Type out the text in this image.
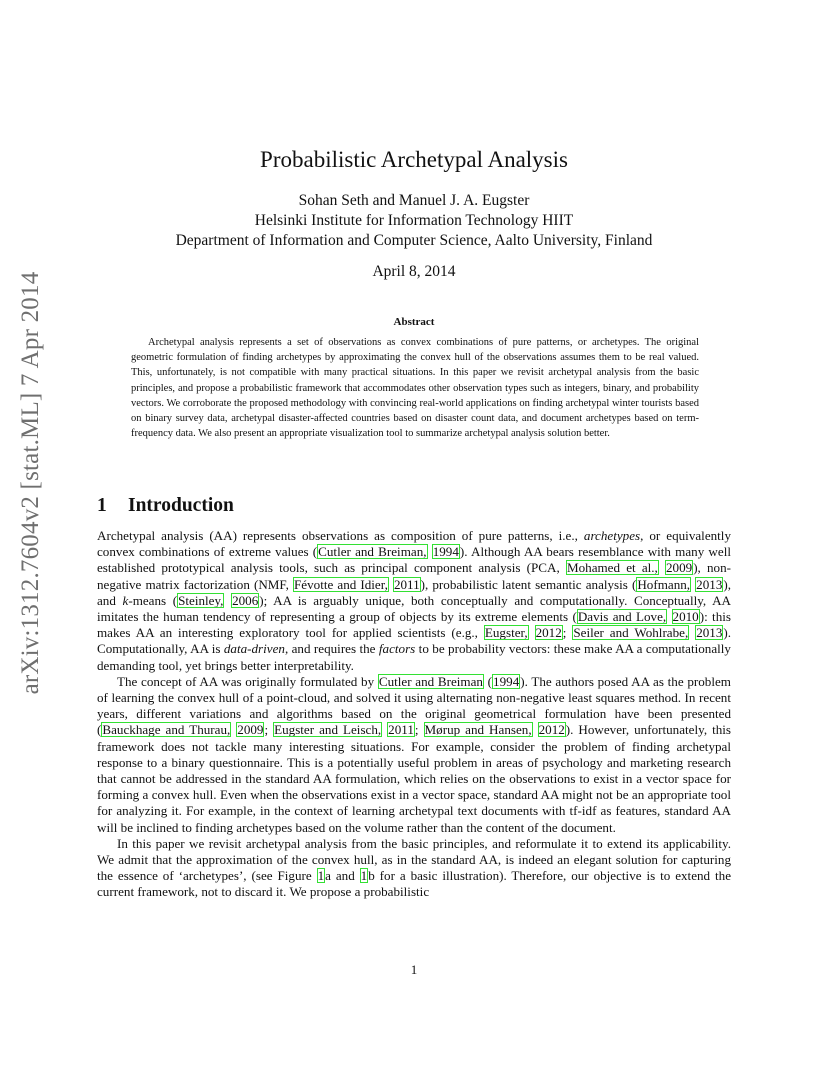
arXiv:1312.7604v2 [stat.ML] 7 Apr 2014
Probabilistic Archetypal Analysis
Sohan Seth and Manuel J. A. Eugster
Helsinki Institute for Information Technology HIIT
Department of Information and Computer Science, Aalto University, Finland
April 8, 2014
Abstract

Archetypal analysis represents a set of observations as convex combinations of pure patterns, or archetypes. The original geometric formulation of finding archetypes by approximating the convex hull of the observations assumes them to be real valued. This, unfortunately, is not compatible with many practical situations. In this paper we revisit archetypal analysis from the basic principles, and propose a probabilistic framework that accommodates other observation types such as integers, binary, and probability vectors. We corroborate the proposed methodology with convincing real-world applications on finding archetypal winter tourists based on binary survey data, archetypal disaster-affected countries based on disaster count data, and document archetypes based on term-frequency data. We also present an appropriate visualization tool to summarize archetypal analysis solution better.

1 Introduction

Archetypal analysis (AA) represents observations as composition of pure patterns, i.e., archetypes, or equivalently convex combinations of extreme values (Cutler and Breiman, 1994). Although AA bears resemblance with many well established prototypical analysis tools, such as principal component analysis (PCA, Mohamed et al., 2009), non-negative matrix factorization (NMF, Févotte and Idier, 2011), probabilistic latent semantic analysis (Hofmann, 2013), and k-means (Steinley, 2006); AA is arguably unique, both conceptually and computationally. Conceptually, AA imitates the human tendency of representing a group of objects by its extreme elements (Davis and Love, 2010): this makes AA an interesting exploratory tool for applied scientists (e.g., Eugster, 2012; Seiler and Wohlrabe, 2013). Computationally, AA is data-driven, and requires the factors to be probability vectors: these make AA a computationally demanding tool, yet brings better interpretability.

The concept of AA was originally formulated by Cutler and Breiman (1994). The authors posed AA as the problem of learning the convex hull of a point-cloud, and solved it using alternating non-negative least squares method. In recent years, different variations and algorithms based on the original geometrical formulation have been presented (Bauckhage and Thurau, 2009; Eugster and Leisch, 2011; Mørup and Hansen, 2012). However, unfortunately, this framework does not tackle many interesting situations. For example, consider the problem of finding archetypal response to a binary questionnaire. This is a potentially useful problem in areas of psychology and marketing research that cannot be addressed in the standard AA formulation, which relies on the observations to exist in a vector space for forming a convex hull. Even when the observations exist in a vector space, standard AA might not be an appropriate tool for analyzing it. For example, in the context of learning archetypal text documents with tf-idf as features, standard AA will be inclined to finding archetypes based on the volume rather than the content of the document.

In this paper we revisit archetypal analysis from the basic principles, and reformulate it to extend its applicability. We admit that the approximation of the convex hull, as in the standard AA, is indeed an elegant solution for capturing the essence of ‘archetypes’, (see Figure 1a and 1b for a basic illustration). Therefore, our objective is to extend the current framework, not to discard it. We propose a probabilistic

1
